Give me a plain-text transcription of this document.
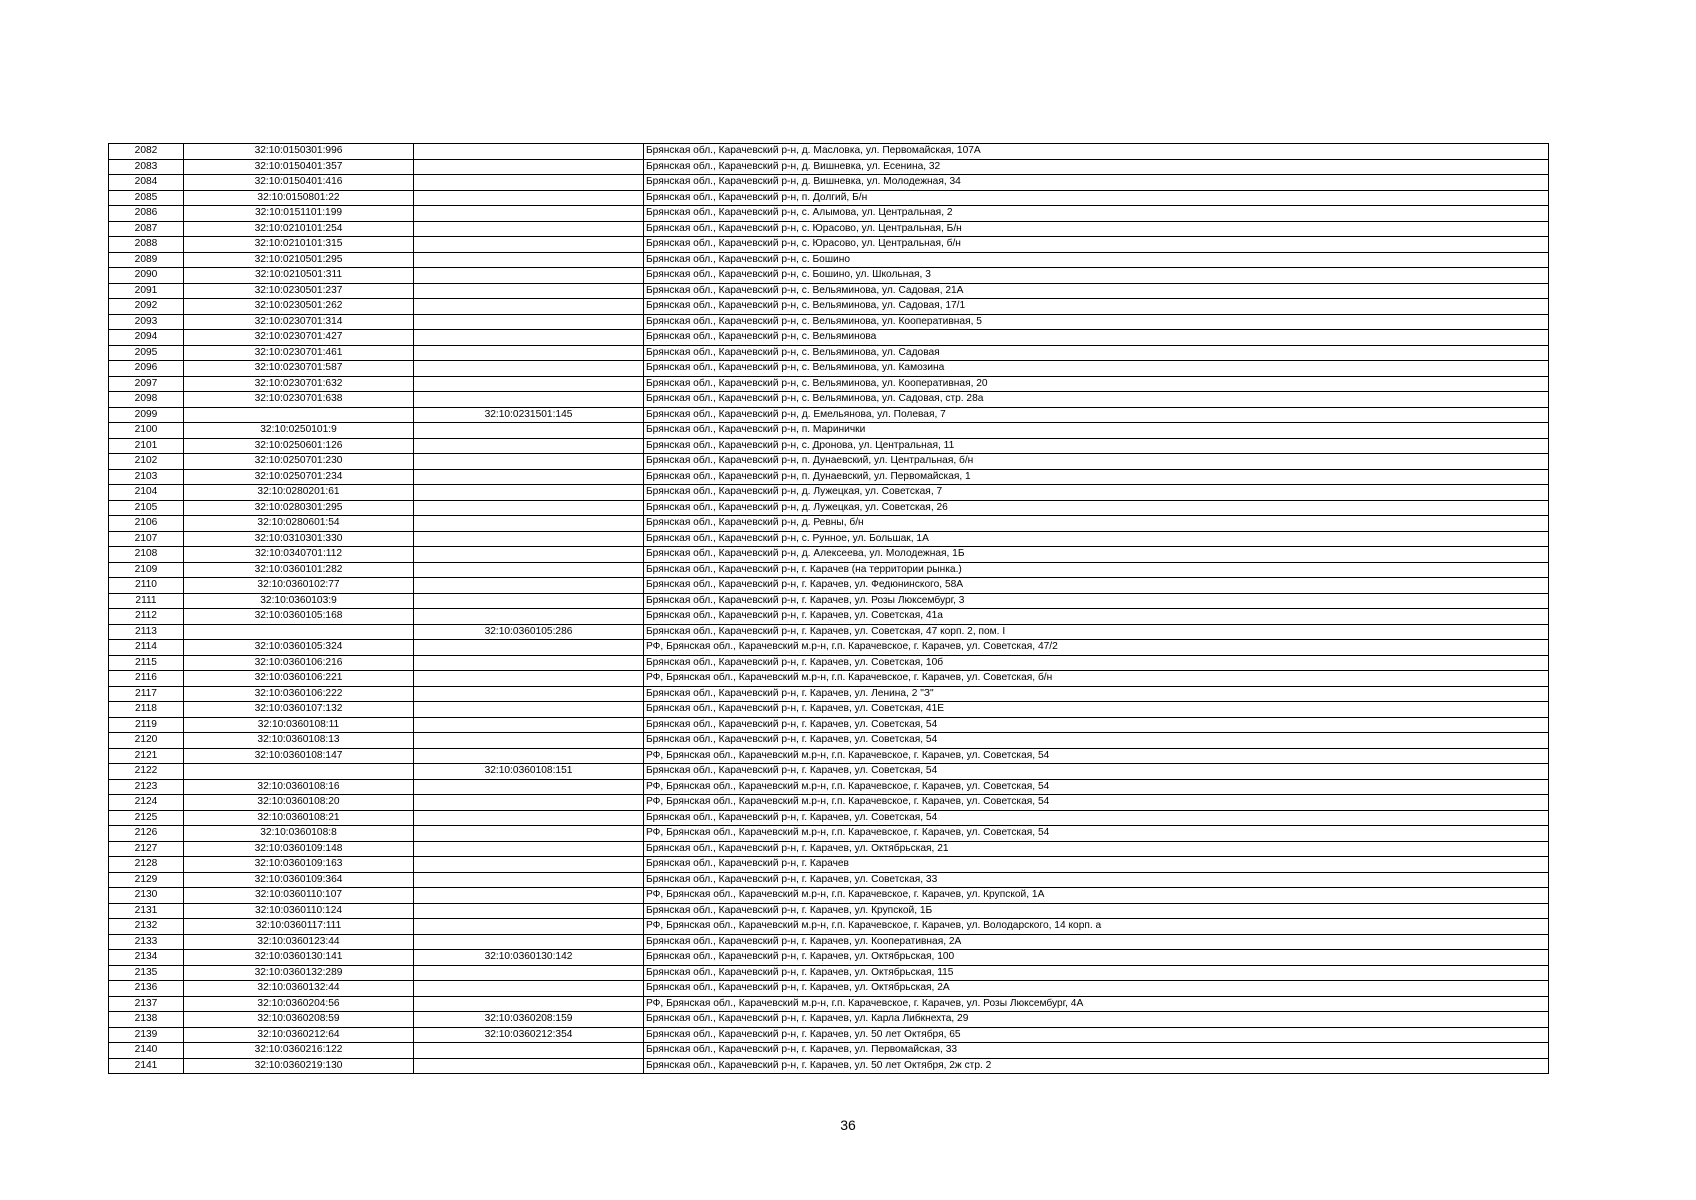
2082	32:10:0150301:996		Брянская обл., Карачевский р-н, д. Масловка, ул. Первомайская, 107А
2083	32:10:0150401:357		Брянская обл., Карачевский р-н, д. Вишневка, ул. Есенина, 32
2084	32:10:0150401:416		Брянская обл., Карачевский р-н, д. Вишневка, ул. Молодежная, 34
2085	32:10:0150801:22		Брянская обл., Карачевский р-н, п. Долгий, Б/н
2086	32:10:0151101:199		Брянская обл., Карачевский р-н, с. Алымова, ул. Центральная, 2
2087	32:10:0210101:254		Брянская обл., Карачевский р-н, с. Юрасово, ул. Центральная, Б/н
2088	32:10:0210101:315		Брянская обл., Карачевский р-н, с. Юрасово, ул. Центральная, б/н
2089	32:10:0210501:295		Брянская обл., Карачевский р-н, с. Бошино
2090	32:10:0210501:311		Брянская обл., Карачевский р-н, с. Бошино, ул. Школьная, 3
2091	32:10:0230501:237		Брянская обл., Карачевский р-н, с. Вельяминова, ул. Садовая, 21А
2092	32:10:0230501:262		Брянская обл., Карачевский р-н, с. Вельяминова, ул. Садовая, 17/1
2093	32:10:0230701:314		Брянская обл., Карачевский р-н, с. Вельяминова, ул. Кооперативная, 5
2094	32:10:0230701:427		Брянская обл., Карачевский р-н, с. Вельяминова
2095	32:10:0230701:461		Брянская обл., Карачевский р-н, с. Вельяминова, ул. Садовая
2096	32:10:0230701:587		Брянская обл., Карачевский р-н, с. Вельяминова, ул. Камозина
2097	32:10:0230701:632		Брянская обл., Карачевский р-н, с. Вельяминова, ул. Кооперативная, 20
2098	32:10:0230701:638		Брянская обл., Карачевский р-н, с. Вельяминова, ул. Садовая, стр. 28а
2099		32:10:0231501:145	Брянская обл., Карачевский р-н, д. Емельянова, ул. Полевая, 7
2100	32:10:0250101:9		Брянская обл., Карачевский р-н, п. Маринички
2101	32:10:0250601:126		Брянская обл., Карачевский р-н, с. Дронова, ул. Центральная, 11
2102	32:10:0250701:230		Брянская обл., Карачевский р-н, п. Дунаевский, ул. Центральная, б/н
2103	32:10:0250701:234		Брянская обл., Карачевский р-н, п. Дунаевский, ул. Первомайская, 1
2104	32:10:0280201:61		Брянская обл., Карачевский р-н, д. Лужецкая, ул. Советская, 7
2105	32:10:0280301:295		Брянская обл., Карачевский р-н, д. Лужецкая, ул. Советская, 26
2106	32:10:0280601:54		Брянская обл., Карачевский р-н, д. Ревны, б/н
2107	32:10:0310301:330		Брянская обл., Карачевский р-н, с. Рунное, ул. Большак, 1А
2108	32:10:0340701:112		Брянская обл., Карачевский р-н, д. Алексеева, ул. Молодежная, 1Б
2109	32:10:0360101:282		Брянская обл., Карачевский р-н, г. Карачев (на территории рынка.)
2110	32:10:0360102:77		Брянская обл., Карачевский р-н, г. Карачев, ул. Федюнинского, 58А
2111	32:10:0360103:9		Брянская обл., Карачевский р-н, г. Карачев, ул. Розы Люксембург, 3
2112	32:10:0360105:168		Брянская обл., Карачевский р-н, г. Карачев, ул. Советская, 41а
2113		32:10:0360105:286	Брянская обл., Карачевский р-н, г. Карачев, ул. Советская, 47 корп. 2, пом. I
2114	32:10:0360105:324		РФ, Брянская обл., Карачевский м.р-н, г.п. Карачевское, г. Карачев, ул. Советская, 47/2
2115	32:10:0360106:216		Брянская обл., Карачевский р-н, г. Карачев, ул. Советская, 10б
2116	32:10:0360106:221		РФ, Брянская обл., Карачевский м.р-н, г.п. Карачевское, г. Карачев, ул. Советская, б/н
2117	32:10:0360106:222		Брянская обл., Карачевский р-н, г. Карачев, ул. Ленина, 2 "З"
2118	32:10:0360107:132		Брянская обл., Карачевский р-н, г. Карачев, ул. Советская, 41Е
2119	32:10:0360108:11		Брянская обл., Карачевский р-н, г. Карачев, ул. Советская, 54
2120	32:10:0360108:13		Брянская обл., Карачевский р-н, г. Карачев, ул. Советская, 54
2121	32:10:0360108:147		РФ, Брянская обл., Карачевский м.р-н, г.п. Карачевское, г. Карачев, ул. Советская, 54
2122		32:10:0360108:151	Брянская обл., Карачевский р-н, г. Карачев, ул. Советская, 54
2123	32:10:0360108:16		РФ, Брянская обл., Карачевский м.р-н, г.п. Карачевское, г. Карачев, ул. Советская, 54
2124	32:10:0360108:20		РФ, Брянская обл., Карачевский м.р-н, г.п. Карачевское, г. Карачев, ул. Советская, 54
2125	32:10:0360108:21		Брянская обл., Карачевский р-н, г. Карачев, ул. Советская, 54
2126	32:10:0360108:8		РФ, Брянская обл., Карачевский м.р-н, г.п. Карачевское, г. Карачев, ул. Советская, 54
2127	32:10:0360109:148		Брянская обл., Карачевский р-н, г. Карачев, ул. Октябрьская, 21
2128	32:10:0360109:163		Брянская обл., Карачевский р-н, г. Карачев
2129	32:10:0360109:364		Брянская обл., Карачевский р-н, г. Карачев, ул. Советская, 33
2130	32:10:0360110:107		РФ, Брянская обл., Карачевский м.р-н, г.п. Карачевское, г. Карачев, ул. Крупской, 1А
2131	32:10:0360110:124		Брянская обл., Карачевский р-н, г. Карачев, ул. Крупской, 1Б
2132	32:10:0360117:111		РФ, Брянская обл., Карачевский м.р-н, г.п. Карачевское, г. Карачев, ул. Володарского, 14 корп. а
2133	32:10:0360123:44		Брянская обл., Карачевский р-н, г. Карачев, ул. Кооперативная, 2А
2134	32:10:0360130:141	32:10:0360130:142	Брянская обл., Карачевский р-н, г. Карачев, ул. Октябрьская, 100
2135	32:10:0360132:289		Брянская обл., Карачевский р-н, г. Карачев, ул. Октябрьская, 115
2136	32:10:0360132:44		Брянская обл., Карачевский р-н, г. Карачев, ул. Октябрьская, 2А
2137	32:10:0360204:56		РФ, Брянская обл., Карачевский м.р-н, г.п. Карачевское, г. Карачев, ул. Розы Люксембург, 4А
2138	32:10:0360208:59	32:10:0360208:159	Брянская обл., Карачевский р-н, г. Карачев, ул. Карла Либкнехта, 29
2139	32:10:0360212:64	32:10:0360212:354	Брянская обл., Карачевский р-н, г. Карачев, ул. 50 лет Октября, 65
2140	32:10:0360216:122		Брянская обл., Карачевский р-н, г. Карачев, ул. Первомайская, 33
2141	32:10:0360219:130		Брянская обл., Карачевский р-н, г. Карачев, ул. 50 лет Октября, 2ж стр. 2
36
